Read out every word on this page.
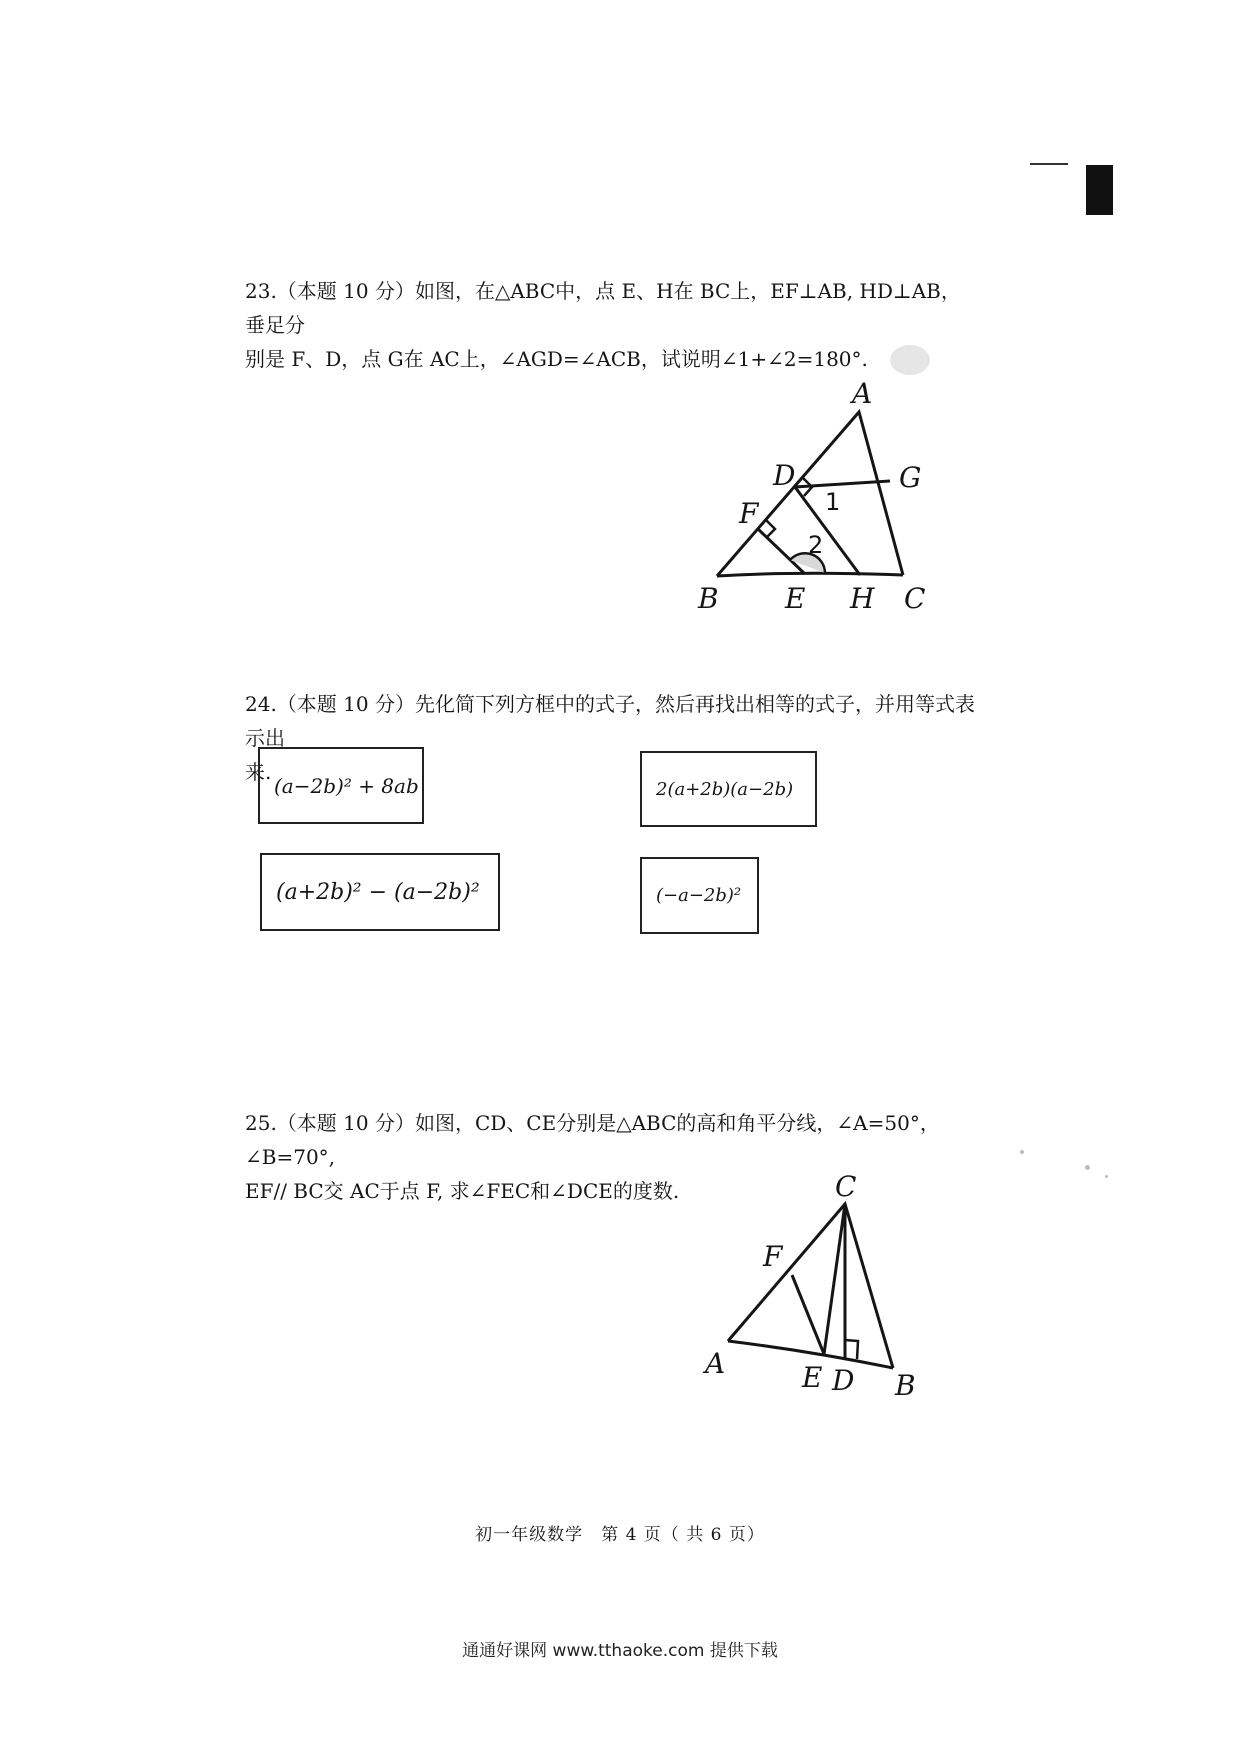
23.（本题 10 分）如图，在△ABC中，点 E、H在 BC上，EF⊥AB, HD⊥AB，垂足分

别是 F、D，点 G在 AC上，∠AGD=∠ACB，试说明∠1+∠2=180°.

A
D	G
F	1
2
B E H C

24.（本题 10 分）先化简下列方框中的式子，然后再找出相等的式子，并用等式表示出

来.

(a−2b)² + 8ab	2(a+2b)(a−2b)
(a+2b)² − (a−2b)²	(−a−2b)²

25.（本题 10 分）如图，CD、CE分别是△ABC的高和角平分线，∠A=50°，∠B=70°,

EF// BC交 AC于点 F, 求∠FEC和∠DCE的度数.	C
F
A	E D B
初一年级数学　第 4 页（ 共 6 页）
通通好课网 www.tthaoke.com 提供下载
